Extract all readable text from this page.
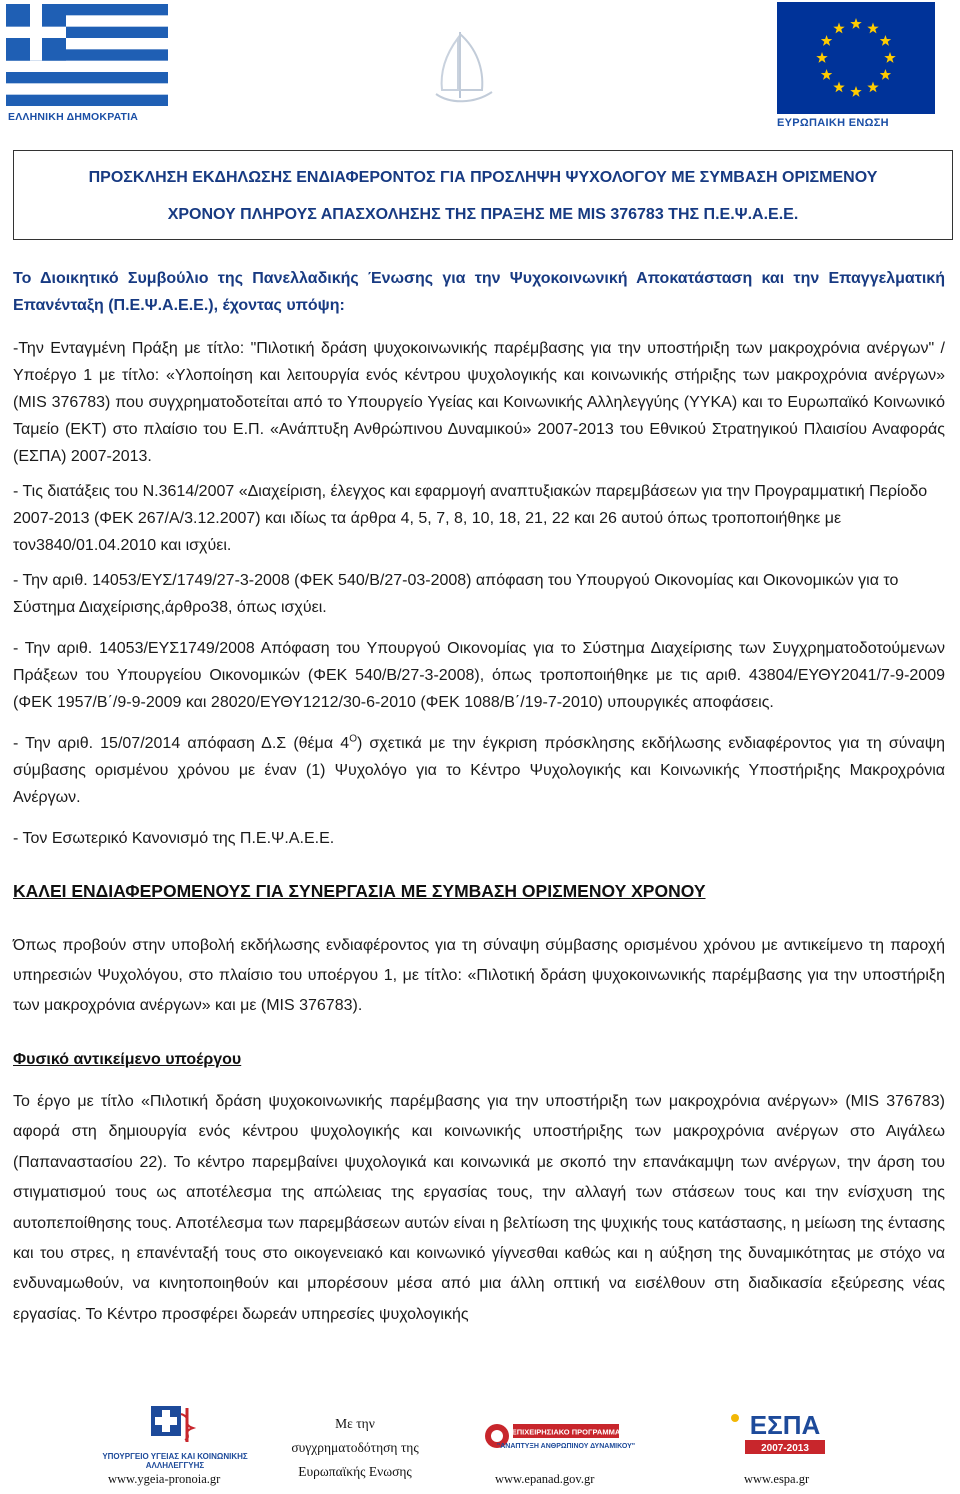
ΕΛΛΗΝΙΚΗ ΔΗΜΟΚΡΑΤΙΑ	ΕΥΡΩΠΑΙΚΗ ΕΝΩΣΗ
ΠΡΟΣΚΛΗΣΗ ΕΚΔΗΛΩΣΗΣ ΕΝΔΙΑΦΕΡΟΝΤΟΣ ΓΙΑ ΠΡΟΣΛΗΨΗ ΨΥΧΟΛΟΓΟΥ ΜΕ ΣΥΜΒΑΣΗ ΟΡΙΣΜΕΝΟΥ
ΧΡΟΝΟΥ ΠΛΗΡΟΥΣ ΑΠΑΣΧΟΛΗΣΗΣ ΤΗΣ ΠΡΑΞΗΣ ΜΕ MIS 376783 ΤΗΣ Π.Ε.Ψ.Α.Ε.Ε.

Το Διοικητικό Συμβούλιο της Πανελλαδικής Ένωσης για την Ψυχοκοινωνική Αποκατάσταση και την Επαγγελματική Επανένταξη (Π.Ε.Ψ.Α.Ε.Ε.), έχοντας υπόψη:

-Την Ενταγμένη Πράξη με τίτλο: "Πιλοτική δράση ψυχοκοινωνικής παρέμβασης για την υποστήριξη των μακροχρόνια ανέργων" / Υποέργο 1 με τίτλο: «Υλοποίηση και λειτουργία ενός κέντρου ψυχολογικής και κοινωνικής στήριξης των μακροχρόνια ανέργων» (MIS 376783) που συγχρηματοδοτείται από το Υπουργείο Υγείας και Κοινωνικής Αλληλεγγύης (ΥΥΚΑ) και το Ευρωπαϊκό Κοινωνικό Ταμείο (ΕΚΤ) στο πλαίσιο του Ε.Π. «Ανάπτυξη Ανθρώπινου Δυναμικού» 2007-2013 του Εθνικού Στρατηγικού Πλαισίου Αναφοράς (ΕΣΠΑ) 2007-2013.

- Τις διατάξεις του Ν.3614/2007 «Διαχείριση, έλεγχος και εφαρμογή αναπτυξιακών παρεμβάσεων για την Προγραμματική Περίοδο 2007-2013 (ΦΕΚ 267/Α/3.12.2007) και ιδίως τα άρθρα 4, 5, 7, 8, 10, 18, 21, 22 και 26 αυτού όπως τροποποιήθηκε με τον3840/01.04.2010 και ισχύει.

- Την αριθ. 14053/ΕΥΣ/1749/27-3-2008 (ΦΕΚ 540/Β/27-03-2008) απόφαση του Υπουργού Οικονομίας και Οικονομικών για το Σύστημα Διαχείρισης,άρθρο38, όπως ισχύει.

- Την αριθ. 14053/ΕΥΣ1749/2008 Απόφαση του Υπουργού Οικονομίας για το Σύστημα Διαχείρισης των Συγχρηματοδοτούμενων Πράξεων του Υπουργείου Οικονομικών (ΦΕΚ 540/Β/27-3-2008), όπως τροποποιήθηκε με τις αριθ. 43804/ΕΥΘΥ2041/7-9-2009 (ΦΕΚ 1957/Β΄/9-9-2009 και 28020/ΕΥΘΥ1212/30-6-2010 (ΦΕΚ 1088/Β΄/19-7-2010) υπουργικές αποφάσεις.

- Την αριθ. 15/07/2014 απόφαση Δ.Σ (θέμα $4^O$) σχετικά με την έγκριση πρόσκλησης εκδήλωσης ενδιαφέροντος για τη σύναψη σύμβασης ορισμένου χρόνου με έναν (1) Ψυχολόγο για το Κέντρο Ψυχολογικής και Κοινωνικής Υποστήριξης Μακροχρόνια Ανέργων.

- Τον Εσωτερικό Κανονισμό της Π.Ε.Ψ.Α.Ε.Ε.

ΚΑΛΕΙ ΕΝΔΙΑΦΕΡΟΜΕΝΟΥΣ ΓΙΑ ΣΥΝΕΡΓΑΣΙΑ ΜΕ ΣΥΜΒΑΣΗ ΟΡΙΣΜΕΝΟΥ ΧΡΟΝΟΥ

Όπως προβούν στην υποβολή εκδήλωσης ενδιαφέροντος για τη σύναψη σύμβασης ορισμένου χρόνου με αντικείμενο τη παροχή υπηρεσιών Ψυχολόγου, στο πλαίσιο του υποέργου 1, με τίτλο: «Πιλοτική δράση ψυχοκοινωνικής παρέμβασης για την υποστήριξη των μακροχρόνια ανέργων» και με (MIS 376783).

Φυσικό αντικείμενο υποέργου

Το έργο με τίτλο «Πιλοτική δράση ψυχοκοινωνικής παρέμβασης για την υποστήριξη των μακροχρόνια ανέργων» (MIS 376783) αφορά στη δημιουργία ενός κέντρου ψυχολογικής και κοινωνικής υποστήριξης των μακροχρόνια ανέργων στο Αιγάλεω (Παπαναστασίου 22). Το κέντρο παρεμβαίνει ψυχολογικά και κοινωνικά με σκοπό την επανάκαμψη των ανέργων, την άρση του στιγματισμού τους ως αποτέλεσμα της απώλειας της εργασίας τους, την αλλαγή των στάσεων τους και την ενίσχυση της αυτοπεποίθησης τους. Αποτέλεσμα των παρεμβάσεων αυτών είναι η βελτίωση της ψυχικής τους κατάστασης, η μείωση της έντασης και του στρες, η επανένταξή τους στο οικογενειακό και κοινωνικό γίγνεσθαι καθώς και η αύξηση της δυναμικότητας με στόχο να ενδυναμωθούν, να κινητοποιηθούν και μπορέσουν μέσα από μια άλλη οπτική να εισέλθουν στη διαδικασία εξεύρεσης νέας εργασίας. Το Κέντρο προσφέρει δωρεάν υπηρεσίες ψυχολογικής

ΥΠΟΥΡΓΕΙΟ ΥΓΕΙΑΣ ΚΑΙ ΚΟΙΝΩΝΙΚΗΣ ΑΛΛΗΛΕΓΓΥΗΣ
www.ygeia-pronoia.gr
Με την
συγχρηματοδότηση της
Ευρωπαϊκής Ενωσης
ΕΠΙΧΕΙΡΗΣΙΑΚΟ ΠΡΟΓΡΑΜΜΑ
"ΑΝΑΠΤΥΞΗ ΑΝΘΡΩΠΙΝΟΥ ΔΥΝΑΜΙΚΟΥ"
www.epanad.gov.gr
ΕΣΠΑ
2007-2013
www.espa.gr
